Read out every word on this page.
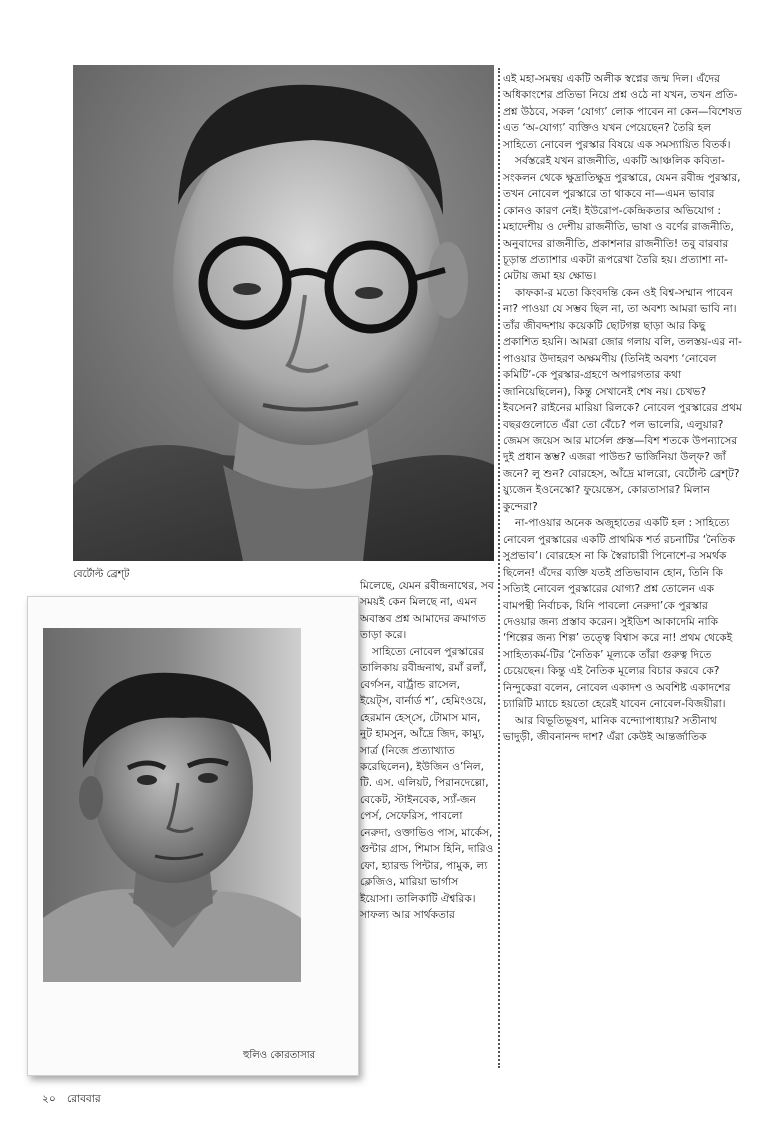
বের্টোল্ট ব্রেশ্‌ট
হুলিও কোরতাসার

মিলেছে, যেমন রবীন্দ্রনাথের, সব সময়ই কেন মিলছে না, এমন অবাস্তব প্রশ্ন আমাদের ক্রমাগত তাড়া করে।

সাহিত্যে নোবেল পুরস্কারের তালিকায় রবীন্দ্রনাথ, রমাঁ রলাঁ, বের্গসন, বার্ট্রান্ড রাসেল, ইয়েট্‌স, বার্নার্ড শ’, হেমিংওয়ে, হেরমান হেস্‌সে, টোমাস মান, নুট হামসুন, আঁদ্রে জিদ, কাম্যু, সার্ত্র (নিজে প্রত্যাখ্যাত করেছিলেন), ইউজিন ও’নিল, টি. এস. এলিয়ট, পিরানদেল্লো, বেকেট, স্টাইনবেক, স্যাঁ-জন পের্স, সেফেরিস, পাবলো নেরুদা, ওক্তাভিও পাস, মার্কেস, গুন্টার গ্রাস, শিমাস হিনি, দারিও ফো, হ্যারল্ড পিন্টার, পামুক, ল্য ক্লেজিও, মারিয়া ভার্গাস ইয়োসা। তালিকাটি ঐশ্বরিক। সাফল্য আর সার্থকতার

এই মহা-সমন্বয় একটি অলীক স্বপ্নের জন্ম দিল। এঁদের অধিকাংশের প্রতিভা নিয়ে প্রশ্ন ওঠে না যখন, তখন প্রতি-প্রশ্ন উঠবে, সকল ‘যোগ্য’ লোক পাবেন না কেন—বিশেষত এত ‘অ-যোগ্য’ ব্যক্তিও যখন পেয়েছেন? তৈরি হল সাহিত্যে নোবেল পুরস্কার বিষয়ে এক সমস্যায়িত বিতর্ক।

সর্বস্তরেই যখন রাজনীতি, একটি আঞ্চলিক কবিতা-সংকলন থেকে ক্ষুদ্রাতিক্ষুদ্র পুরস্কারে, যেমন রবীন্দ্র পুরস্কার, তখন নোবেল পুরস্কারে তা থাকবে না—এমন ভাবার কোনও কারণ নেই। ইউরোপ-কেন্দ্রিকতার অভিযোগ : মহাদেশীয় ও দেশীয় রাজনীতি, ভাষা ও বর্ণের রাজনীতি, অনুবাদের রাজনীতি, প্রকাশনার রাজনীতি! তবু বারবার চূড়ান্ত প্রত্যাশার একটা রূপরেখা তৈরি হয়। প্রত্যাশা না-মেটায় জমা হয় ক্ষোভ।

কাফকা-র মতো কিংবদন্তি কেন ওই বিশ্ব-সম্মান পাবেন না? পাওয়া যে সম্ভব ছিল না, তা অবশ্য আমরা ভাবি না। তাঁর জীবদ্দশায় কয়েকটি ছোটগল্প ছাড়া আর কিছু প্রকাশিত হয়নি। আমরা জোর গলায় বলি, তলস্তয়-এর না-পাওয়ার উদাহরণ অক্ষমণীয় (তিনিই অবশ্য ‘নোবেল কমিটি’-কে পুরস্কার-গ্রহণে অপারগতার কথা জানিয়েছিলেন), কিন্তু সেখানেই শেষ নয়। চেখভ? ইবসেন? রাইনের মারিয়া রিলকে? নোবেল পুরস্কারের প্রথম বছরগুলোতে এঁরা তো বেঁচে? পল ভালেরি, এলুয়ার? জেমস জয়েস আর মার্সেল প্রুস্ত—বিশ শতকে উপন্যাসের দুই প্রধান স্তম্ভ? এজরা পাউন্ড? ভার্জিনিয়া উল্‌ফ? জাঁ জনে? লু শুন? বোরহেস, আঁদ্রে মালরো, বের্টোল্ট ব্রেশ্‌ট? য়্যুজেন ইওনেস্কো? ফুয়েন্তেস, কোরতাসার? মিলান কুন্দেরা?

না-পাওয়ার অনেক অজুহাতের একটি হল : সাহিত্যে নোবেল পুরস্কারের একটি প্রাথমিক শর্ত রচনাটির ‘নৈতিক সুপ্রভাব’। বোরহেস না কি স্বৈরাচারী পিনোশে-র সমর্থক ছিলেন! এঁদের ব্যক্তি যতই প্রতিভাবান হোন, তিনি কি সত্যিই নোবেল পুরস্কারের যোগ্য? প্রশ্ন তোলেন এক বামপন্থী নির্বাচক, যিনি পাবলো নেরুদা’কে পুরস্কার দেওয়ার জন্য প্রস্তাব করেন। সুইডিশ আকাদেমি নাকি ‘শিল্পের জন্য শিল্প’ তত্ত্বে বিশ্বাস করে না! প্রথম থেকেই সাহিত্যকর্ম-টির ‘নৈতিক’ মূল্যকে তাঁরা গুরুত্ব দিতে চেয়েছেন। কিন্তু এই নৈতিক মূল্যের বিচার করবে কে? নিন্দুকেরা বলেন, নোবেল একাদশ ও অবশিষ্ট একাদশের চ্যারিটি ম্যাচে হয়তো হেরেই যাবেন নোবেল-বিজয়ীরা।

আর বিভূতিভূষণ, মানিক বন্দ্যোপাধ্যায়? সতীনাথ ভাদুড়ী, জীবনানন্দ দাশ? এঁরা কেউই আন্তর্জাতিক

২০ রোববার
